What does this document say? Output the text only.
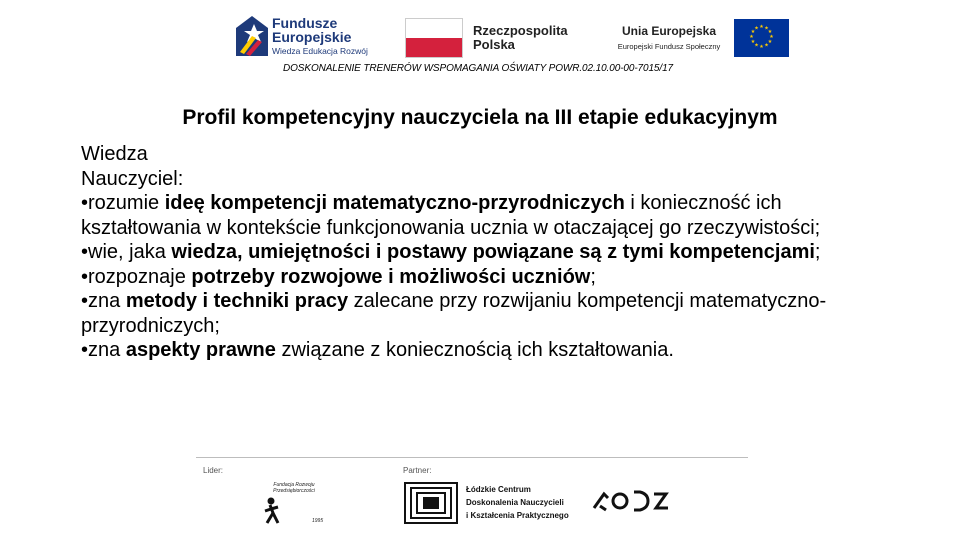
Fundusze
Europejskie
Wiedza Edukacja Rozwój
Rzeczpospolita
Polska
Unia Europejska
Europejski Fundusz Społeczny
★ ★
★
★
★
★
★
★
★
★
★
★
DOSKONALENIE TRENERÓW WSPOMAGANIA OŚWIATY POWR.02.10.00-00-7015/17
Profil kompetencyjny nauczyciela na III etapie edukacyjnym

Wiedza

Nauczyciel:

•rozumie ideę kompetencji matematyczno-przyrodniczych i konieczność ich kształtowania w kontekście funkcjonowania ucznia w otaczającej go rzeczywistości;

•wie, jaka wiedza, umiejętności i postawy powiązane są z tymi kompetencjami;

•rozpoznaje potrzeby rozwojowe i możliwości uczniów;

•zna metody i techniki pracy zalecane przy rozwijaniu kompetencji matematyczno-przyrodniczych;

•zna aspekty prawne związane z koniecznością ich kształtowania.

Lider:	Partner:
Fundacja Rozwoju Przedsiębiorczości
1995
Łódzkie Centrum
Doskonalenia Nauczycieli
i Kształcenia Praktycznego
